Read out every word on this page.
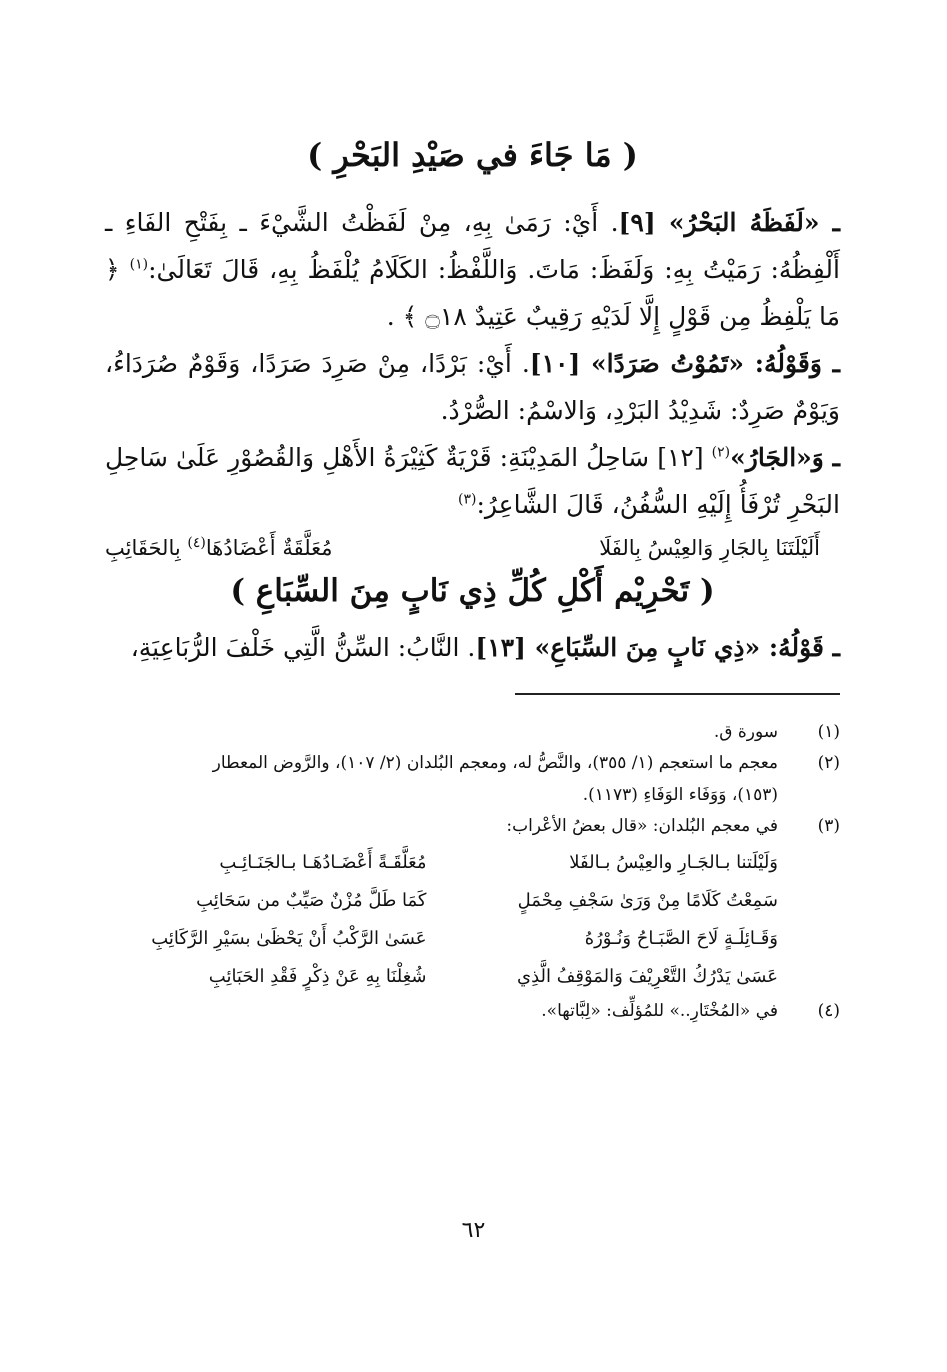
( مَا جَاءَ في صَيْدِ البَحْرِ )

ـ «لَفَظَهُ البَحْرُ» [٩]. أَيْ: رَمَىٰ بِهِ، مِنْ لَفَظْتُ الشَّيْءَ ـ بِفَتْحِ الفَاءِ ـ أَلْفِظُهُ: رَمَيْتُ بِهِ: وَلَفَظَ: مَاتَ. وَاللَّفْظُ: الكَلَامُ يُلْفَظُ بِهِ، قَالَ تَعَالَىٰ:$^{(١)}$ ﴿ مَا يَلْفِظُ مِن قَوْلٍ إِلَّا لَدَيْهِ رَقِيبٌ عَتِيدٌ ۝١٨ ﴾ .

ـ وَقَوْلُهُ: «تَمُوْتُ صَرَدًا» [١٠]. أَيْ: بَرْدًا، مِنْ صَرِدَ صَرَدًا، وَقَوْمٌ صُرَدَاءُ، وَيَوْمٌ صَرِدٌ: شَدِيْدُ البَرْدِ، وَالاسْمُ: الصُّرْدُ.

ـ وَ«الجَارُ»$^{(٢)}$ [١٢] سَاحِلُ المَدِيْنَةِ: قَرْيَةٌ كَثِيْرَةُ الأَهْلِ وَالقُصُوْرِ عَلَىٰ سَاحِلِ البَحْرِ تُرْفَأُ إِلَيْهِ السُّفُنُ، قَالَ الشَّاعِرُ:$^{(٣)}$

أَلَيْلَتَنَا بِالجَارِ وَالعِيْسُ بِالفَلَا
مُعَلَّقَةٌ أَعْضَادُهَا$^{(٤)}$ بِالحَقَائِبِ
( تَحْرِيْم أَكْلِ كُلِّ ذِي نَابٍ مِنَ السِّبَاعِ )

ـ قَوْلُهُ: «ذِي نَابٍ مِنَ السِّبَاعِ» [١٣]. النَّابُ: السِّنُّ الَّتِي خَلْفَ الرُّبَاعِيَةِ،

(١)
سورة ق.
(٢)
معجم ما استعجم (١/ ٣٥٥)، والنَّصُّ له، ومعجم البُلدان (٢/ ١٠٧)، والرَّوض المعطار
(١٥٣)، وَوَفَاء الوَفَاءِ (١١٧٣).
(٣)
في معجم البُلدان: «قال بعضُ الأعْراب:
وَلَيْلَتنا بـالجَـارِ والعِيْسُ بـالفَلا
مُعَلَّقَـةً أَعْضَـادُهَـا بـالجَنَـائِـبِ
سَمِعْتُ كَلَامًا مِنْ وَرَىٰ سَجْفِ مِحْمَلٍ
كَمَا طَلَّ مُزْنٌ صَيِّبٌ من سَحَائِبِ
وَقَـائِلَـةٍ لَاحَ الصَّبَـاحُ وَنُـوْرُهُ
عَسَىٰ الرَّكْبُ أَنْ يَحْظَىٰ بسَيْرِ الرَّكَائِبِ
عَسَىٰ يَدْرُكُ التَّعْرِيْفَ وَالمَوْقِفُ الَّذِي
شُغِلْنَا بِهِ عَنْ ذِكْرٍ فَقْدِ الحَبَائِبِ
(٤)
في «المُخْتَارِ..» للمُؤلِّف: «لِبَّاتها».
٦٢
